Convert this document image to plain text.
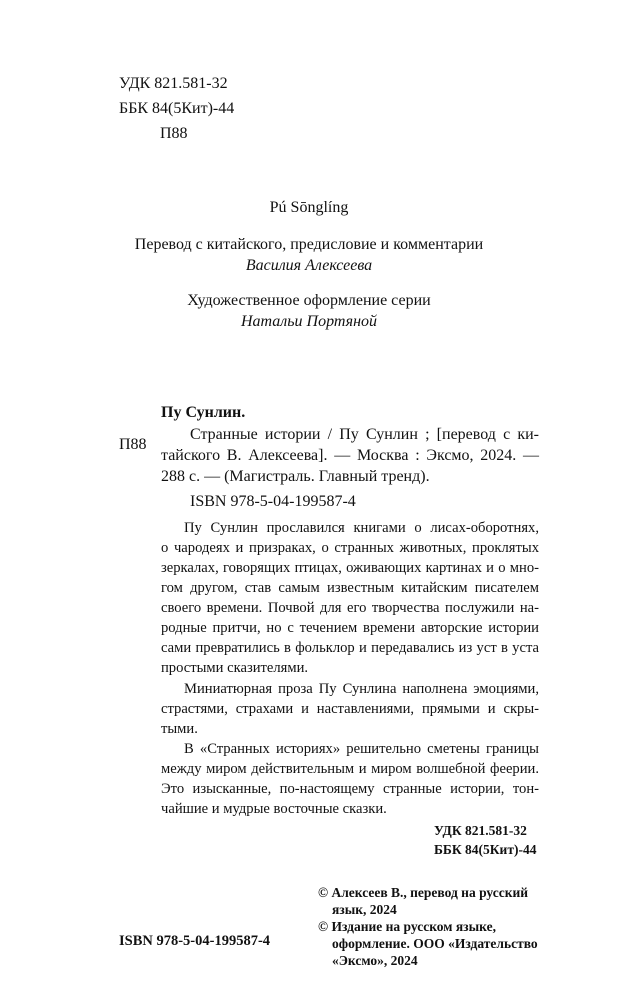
УДК 821.581-32
ББК 84(5Кит)-44
П88
Pú Sōnglíng
Перевод с китайского, предисловие и комментарии
Василия Алексеева
Художественное оформление серии
Натальи Портяной
Пу Сунлин.
П88
Странные истории / Пу Сунлин ; [перевод с ки-
тайского В. Алексеева]. — Москва : Эксмо, 2024. —
288 с. — (Магистраль. Главный тренд).
ISBN 978-5-04-199587-4
Пу Сунлин прославился книгами о лисах-оборотнях,
о чародеях и призраках, о странных животных, проклятых
зеркалах, говорящих птицах, оживающих картинах и о мно-
гом другом, став самым известным китайским писателем
своего времени. Почвой для его творчества послужили на-
родные притчи, но с течением времени авторские истории
сами превратились в фольклор и передавались из уст в уста
простыми сказителями.
Миниатюрная проза Пу Сунлина наполнена эмоциями,
страстями, страхами и наставлениями, прямыми и скры-
тыми.
В «Странных историях» решительно сметены границы
между миром действительным и миром волшебной феерии.
Это изысканные, по-настоящему странные истории, тон-
чайшие и мудрые восточные сказки.
УДК 821.581-32
ББК 84(5Кит)-44
ISBN 978-5-04-199587-4
© Алексеев В., перевод на русский
язык, 2024
© Издание на русском языке,
оформление. ООО «Издательство
«Эксмо», 2024
